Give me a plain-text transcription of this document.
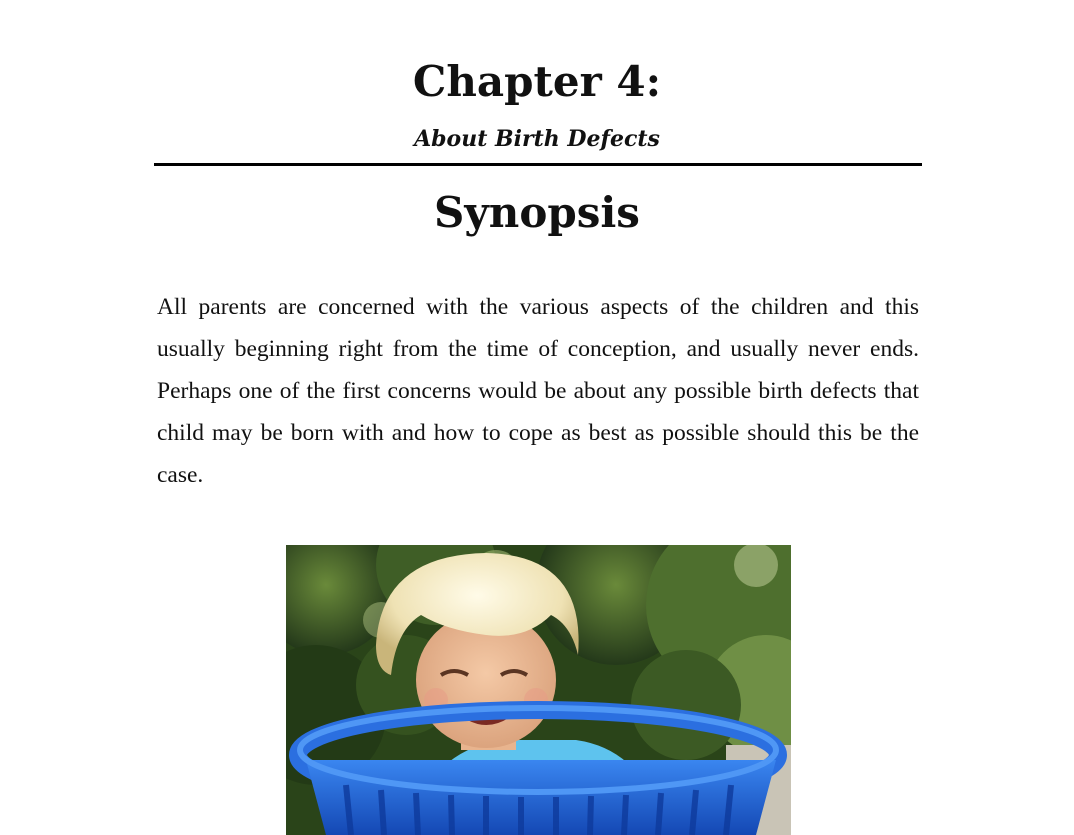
Chapter 4:
About Birth Defects
Synopsis

All parents are concerned with the various aspects of the children and this usually beginning right from the time of conception, and usually never ends. Perhaps one of the first concerns would be about any possible birth defects that child may be born with and how to cope as best as possible should this be the case.
